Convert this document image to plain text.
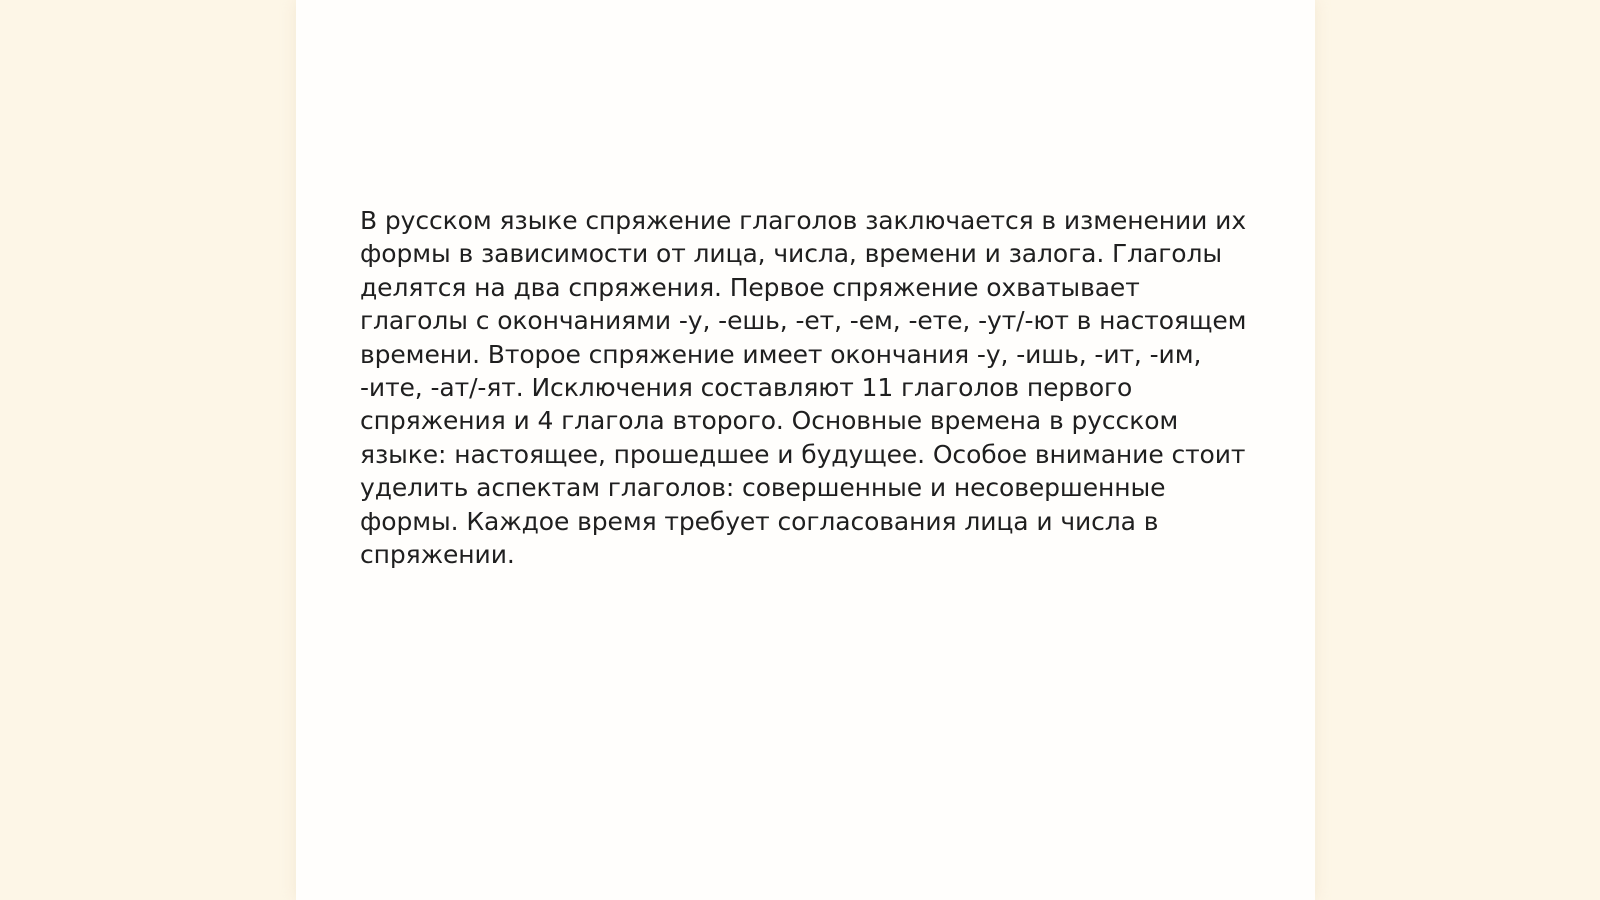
В русском языке спряжение глаголов заключается в изменении их формы в зависимости от лица, числа, времени и залога. Глаголы делятся на два спряжения. Первое спряжение охватывает глаголы с окончаниями -у, -ешь, -ет, -ем, -ете, -ут/-ют в настоящем времени. Второе спряжение имеет окончания -у, -ишь, -ит, -им, -ите, -ат/-ят. Исключения составляют 11 глаголов первого спряжения и 4 глагола второго. Основные времена в русском языке: настоящее, прошедшее и будущее. Особое внимание стоит уделить аспектам глаголов: совершенные и несовершенные формы. Каждое время требует согласования лица и числа в спряжении.
